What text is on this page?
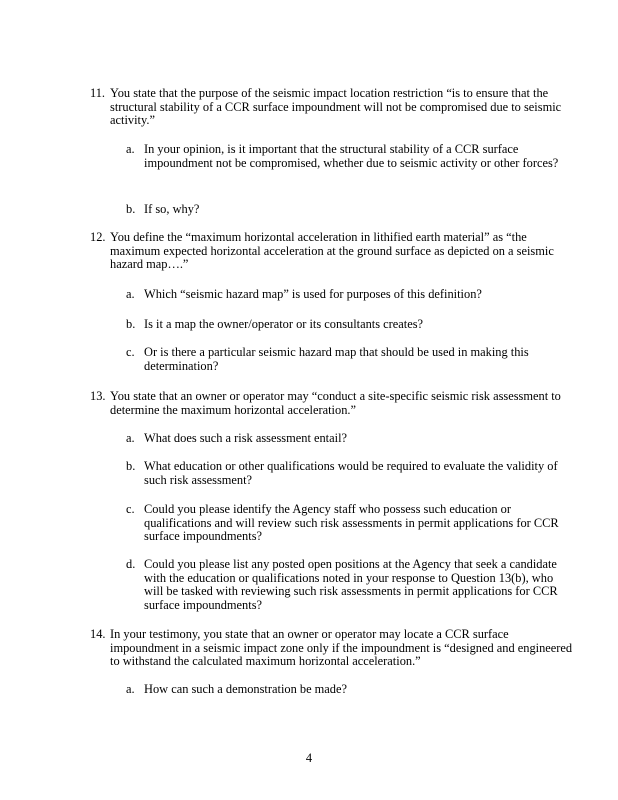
11. You state that the purpose of the seismic impact location restriction “is to ensure that the structural stability of a CCR surface impoundment will not be compromised due to seismic activity.”
a. In your opinion, is it important that the structural stability of a CCR surface impoundment not be compromised, whether due to seismic activity or other forces?
b. If so, why?
12. You define the “maximum horizontal acceleration in lithified earth material” as “the maximum expected horizontal acceleration at the ground surface as depicted on a seismic hazard map….”
a. Which “seismic hazard map” is used for purposes of this definition?
b. Is it a map the owner/operator or its consultants creates?
c. Or is there a particular seismic hazard map that should be used in making this determination?
13. You state that an owner or operator may “conduct a site-specific seismic risk assessment to determine the maximum horizontal acceleration.”
a. What does such a risk assessment entail?
b. What education or other qualifications would be required to evaluate the validity of such risk assessment?
c. Could you please identify the Agency staff who possess such education or qualifications and will review such risk assessments in permit applications for CCR surface impoundments?
d. Could you please list any posted open positions at the Agency that seek a candidate with the education or qualifications noted in your response to Question 13(b), who will be tasked with reviewing such risk assessments in permit applications for CCR surface impoundments?
14. In your testimony, you state that an owner or operator may locate a CCR surface impoundment in a seismic impact zone only if the impoundment is “designed and engineered to withstand the calculated maximum horizontal acceleration.”
a. How can such a demonstration be made?
4
